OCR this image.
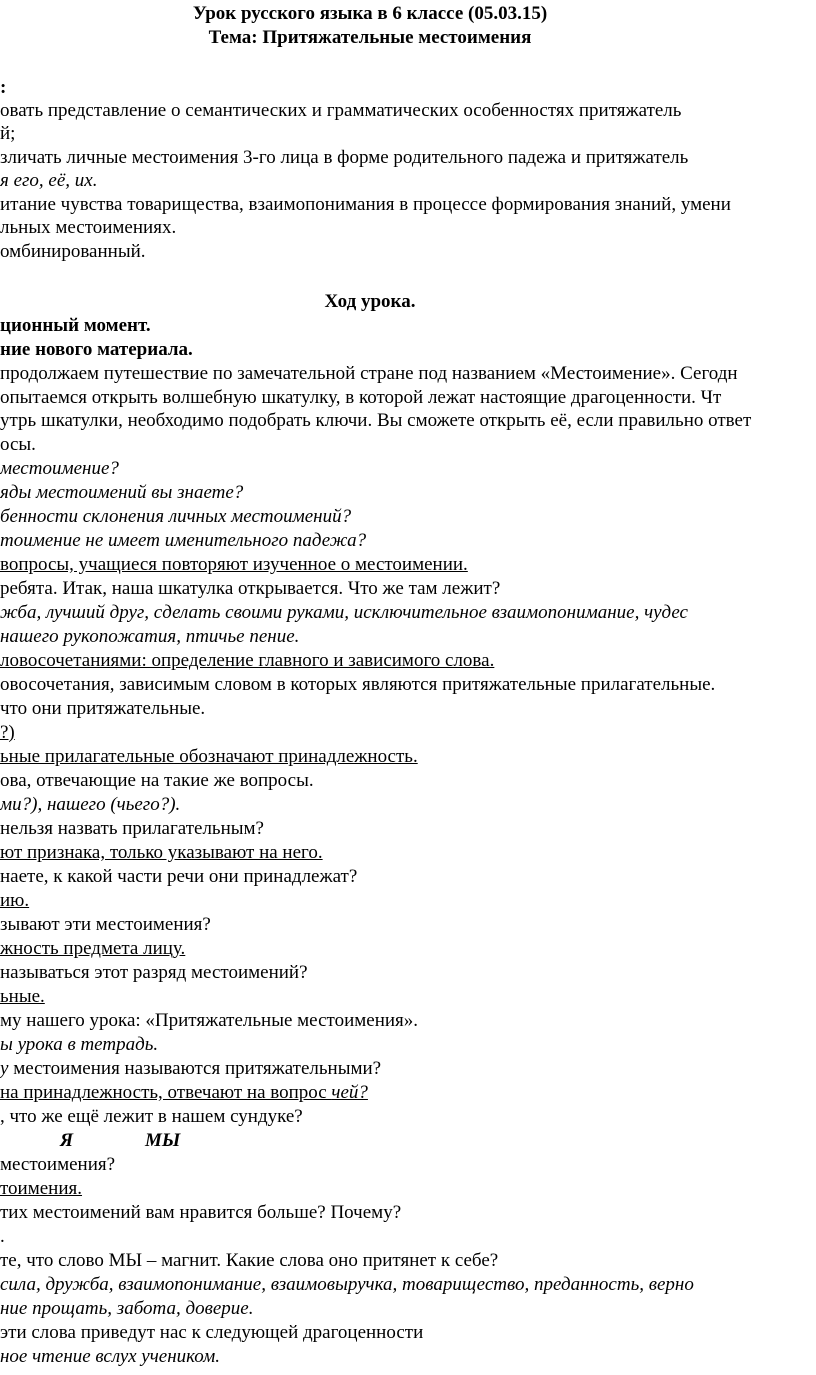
Урок русского языка в 6 классе (05.03.15)
Тема: Притяжательные местоимения
:
овать представление о семантических и грамматических особенностях притяжатель
й;
зличать личные местоимения 3-го лица в форме родительного падежа и притяжатель
я его, её, их.
итание чувства товарищества, взаимопонимания в процессе формирования знаний, умени
льных местоимениях.
омбинированный.
Ход урока.
ционный момент.
ние нового материала.
продолжаем путешествие по замечательной стране под названием «Местоимение». Сегодн
опытаемся открыть волшебную шкатулку, в которой лежат настоящие драгоценности. Чт
утрь шкатулки, необходимо подобрать ключи. Вы сможете открыть её, если правильно ответ
осы.
местоимение?
яды местоимений вы знаете?
бенности склонения личных местоимений?
тоимение не имеет именительного падежа?
вопросы, учащиеся повторяют изученное о местоимении.
ребята. Итак, наша шкатулка открывается. Что же там лежит?
жба, лучший друг, сделать своими руками, исключительное взаимопонимание, чудес
нашего рукопожатия, птичье пение.
ловосочетаниями: определение главного и зависимого слова.
овосочетания, зависимым словом в которых являются притяжательные прилагательные.
что они притяжательные.
?)
ьные прилагательные обозначают принадлежность.
ова, отвечающие на такие же вопросы.
ми?), нашего (чьего?).
нельзя назвать прилагательным?
ют признака, только указывают на него.
наете, к какой части речи они принадлежат?
ию.
зывают эти местоимения?
жность предмета лицу.
называться этот разряд местоимений?
ьные.
му нашего урока: «Притяжательные местоимения».
ы урока в тетрадь.
у местоимения называются притяжательными?
на принадлежность, отвечают на вопрос чей?
, что же ещё лежит в нашем сундуке?
Я	МЫ
местоимения?
тоимения.
тих местоимений вам нравится больше? Почему?
.
те, что слово МЫ – магнит. Какие слова оно притянет к себе?
сила, дружба, взаимопонимание, взаимовыручка, товарищество, преданность, верно
ние прощать, забота, доверие.
эти слова приведут нас к следующей драгоценности
ное чтение вслух учеником.
